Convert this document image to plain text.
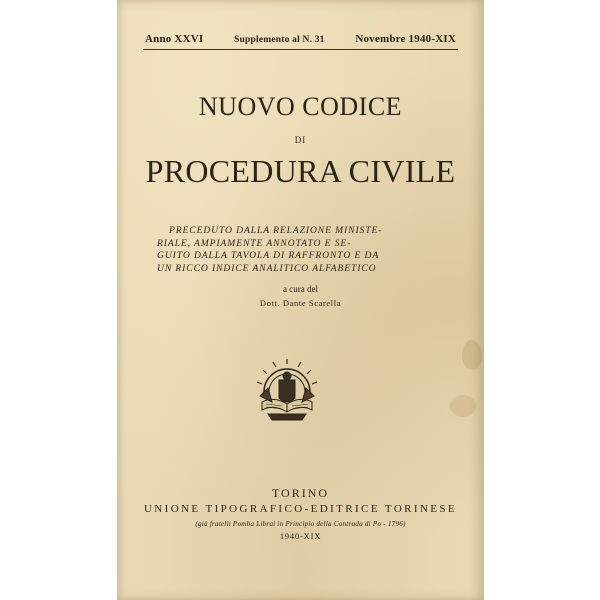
Anno XXVI	Supplemento al N. 31	Novembre 1940-XIX
NUOVO CODICE
DI
PROCEDURA CIVILE
PRECEDUTO DALLA RELAZIONE MINISTE-
RIALE, AMPIAMENTE ANNOTATO E SE-
GUITO DALLA TAVOLA DI RAFFRONTO E DA
UN RICCO INDICE ANALITICO ALFABETICO
a cura del
Dott. Dante Scarella
TORINO
UNIONE TIPOGRAFICO-EDITRICE TORINESE
(già fratelli Pomba Librai in Principio della Contrada di Po - 1796)
1940-XIX
